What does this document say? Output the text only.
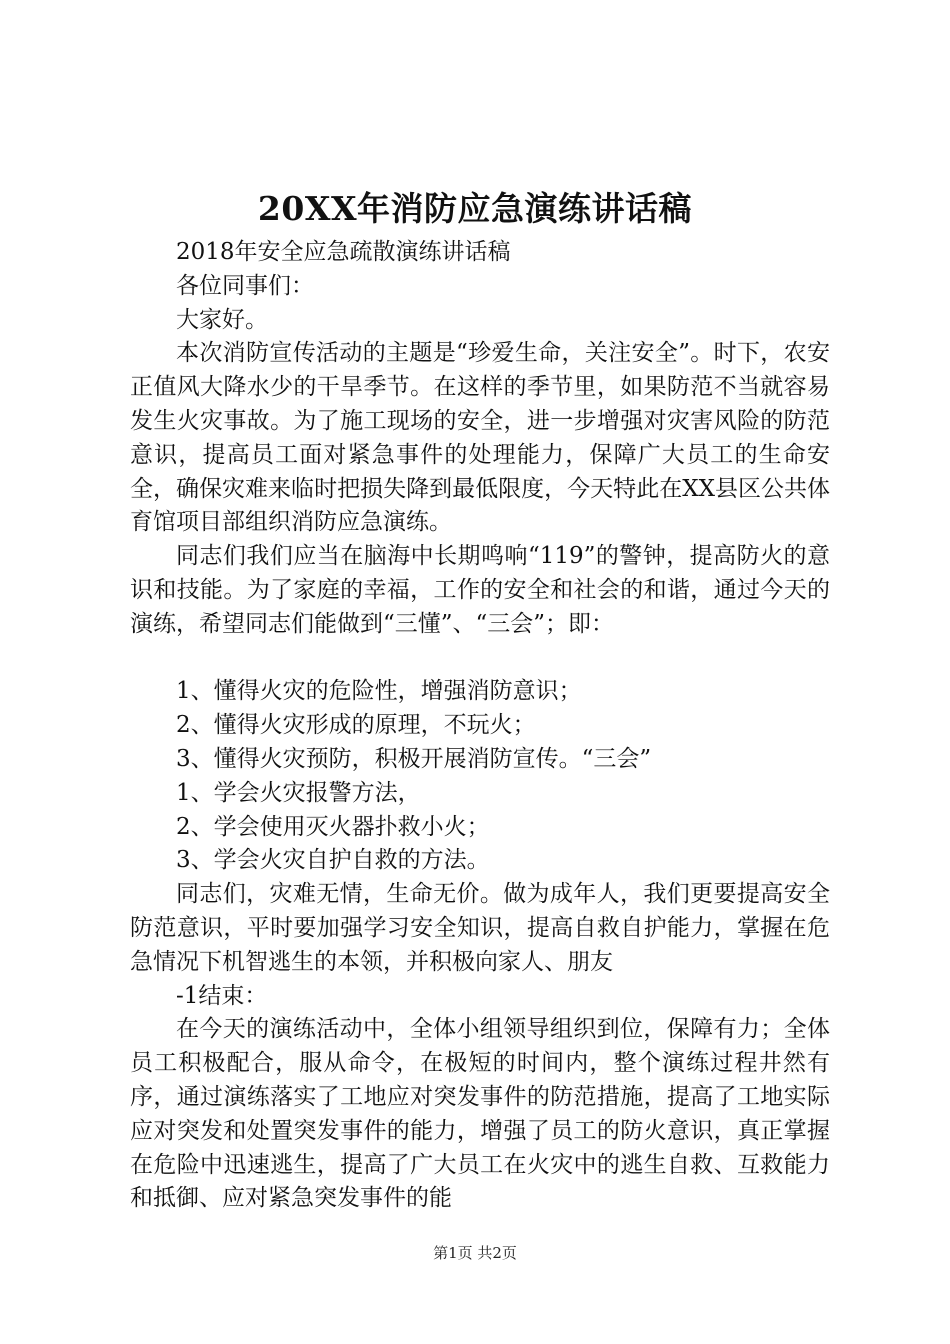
20XX年消防应急演练讲话稿

2018年安全应急疏散演练讲话稿

各位同事们：

大家好。

本次消防宣传活动的主题是“珍爱生命，关注安全”。时下，农安正值风大降水少的干旱季节。在这样的季节里，如果防范不当就容易发生火灾事故。为了施工现场的安全，进一步增强对灾害风险的防范意识，提高员工面对紧急事件的处理能力，保障广大员工的生命安全，确保灾难来临时把损失降到最低限度，今天特此在XX县区公共体育馆项目部组织消防应急演练。

同志们我们应当在脑海中长期鸣响“119”的警钟，提高防火的意识和技能。为了家庭的幸福，工作的安全和社会的和谐，通过今天的演练，希望同志们能做到“三懂”、“三会”；即：

1、懂得火灾的危险性，增强消防意识；

2、懂得火灾形成的原理，不玩火；

3、懂得火灾预防，积极开展消防宣传。“三会”

1、学会火灾报警方法，

2、学会使用灭火器扑救小火；

3、学会火灾自护自救的方法。

同志们，灾难无情，生命无价。做为成年人，我们更要提高安全防范意识，平时要加强学习安全知识，提高自救自护能力，掌握在危急情况下机智逃生的本领，并积极向家人、朋友

-1结束：

在今天的演练活动中，全体小组领导组织到位，保障有力；全体员工积极配合，服从命令，在极短的时间内，整个演练过程井然有序，通过演练落实了工地应对突发事件的防范措施，提高了工地实际应对突发和处置突发事件的能力，增强了员工的防火意识，真正掌握在危险中迅速逃生，提高了广大员工在火灾中的逃生自救、互救能力和抵御、应对紧急突发事件的能

第1页 共2页
